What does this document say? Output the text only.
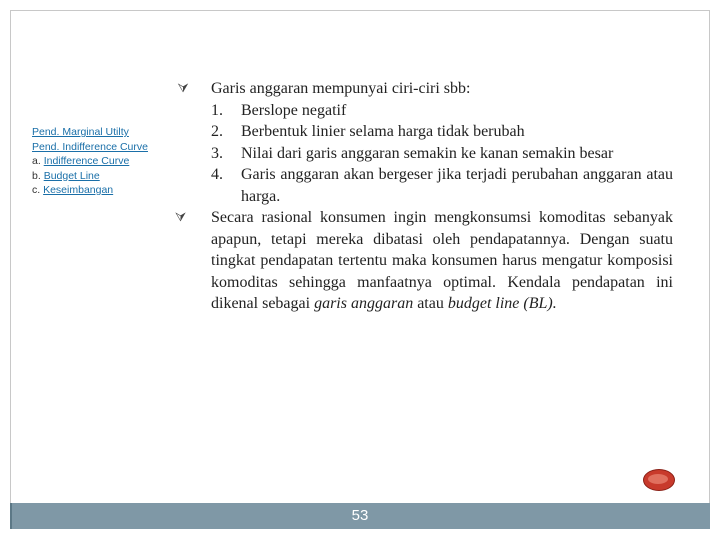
Pend. Marginal Utilty
Pend. Indifference Curve
a. Indifference Curve
b. Budget Line
c. Keseimbangan
⮛ Garis anggaran mempunyai ciri-ciri sbb:
1. Berslope negatif
2. Berbentuk linier selama harga tidak berubah
3. Nilai dari garis anggaran semakin ke kanan semakin besar
4. Garis anggaran akan bergeser jika terjadi perubahan anggaran atau harga.
⮛	Secara rasional konsumen ingin mengkonsumsi komoditas sebanyak apapun, tetapi mereka dibatasi oleh pendapatannya. Dengan suatu tingkat pendapatan tertentu maka konsumen harus mengatur komposisi komoditas sehingga manfaatnya optimal. Kendala pendapatan ini dikenal sebagai garis anggaran atau budget line (BL).
53
